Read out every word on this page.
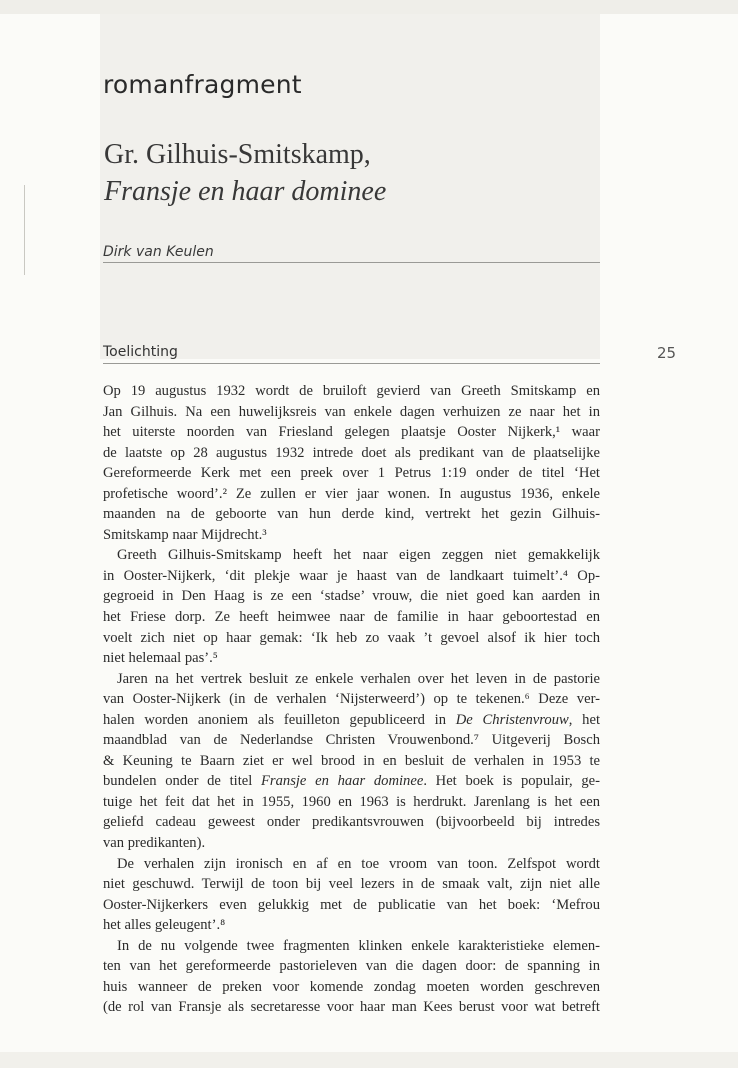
romanfragment
Gr. Gilhuis-Smitskamp,
Fransje en haar dominee

Dirk van Keulen

Toelichting	25

Op 19 augustus 1932 wordt de bruiloft gevierd van Greeth Smitskamp en
Jan Gilhuis. Na een huwelijksreis van enkele dagen verhuizen ze naar het in
het uiterste noorden van Friesland gelegen plaatsje Ooster Nijkerk,¹ waar
de laatste op 28 augustus 1932 intrede doet als predikant van de plaatselijke
Gereformeerde Kerk met een preek over 1 Petrus 1:19 onder de titel ‘Het
profetische woord’.² Ze zullen er vier jaar wonen. In augustus 1936, enkele
maanden na de geboorte van hun derde kind, vertrekt het gezin Gilhuis-
Smitskamp naar Mijdrecht.³
Greeth Gilhuis-Smitskamp heeft het naar eigen zeggen niet gemakkelijk
in Ooster-Nijkerk, ‘dit plekje waar je haast van de landkaart tuimelt’.⁴ Op-
gegroeid in Den Haag is ze een ‘stadse’ vrouw, die niet goed kan aarden in
het Friese dorp. Ze heeft heimwee naar de familie in haar geboortestad en
voelt zich niet op haar gemak: ‘Ik heb zo vaak ’t gevoel alsof ik hier toch
niet helemaal pas’.⁵
Jaren na het vertrek besluit ze enkele verhalen over het leven in de pastorie
van Ooster-Nijkerk (in de verhalen ‘Nijsterweerd’) op te tekenen.⁶ Deze ver-
halen worden anoniem als feuilleton gepubliceerd in De Christenvrouw, het
maandblad van de Nederlandse Christen Vrouwenbond.⁷ Uitgeverij Bosch
& Keuning te Baarn ziet er wel brood in en besluit de verhalen in 1953 te
bundelen onder de titel Fransje en haar dominee. Het boek is populair, ge-
tuige het feit dat het in 1955, 1960 en 1963 is herdrukt. Jarenlang is het een
geliefd cadeau geweest onder predikantsvrouwen (bijvoorbeeld bij intredes
van predikanten).
De verhalen zijn ironisch en af en toe vroom van toon. Zelfspot wordt
niet geschuwd. Terwijl de toon bij veel lezers in de smaak valt, zijn niet alle
Ooster-Nijkerkers even gelukkig met de publicatie van het boek: ‘Mefrou
het alles geleugent’.⁸
In de nu volgende twee fragmenten klinken enkele karakteristieke elemen-
ten van het gereformeerde pastorieleven van die dagen door: de spanning in
huis wanneer de preken voor komende zondag moeten worden geschreven
(de rol van Fransje als secretaresse voor haar man Kees berust voor wat betreft
